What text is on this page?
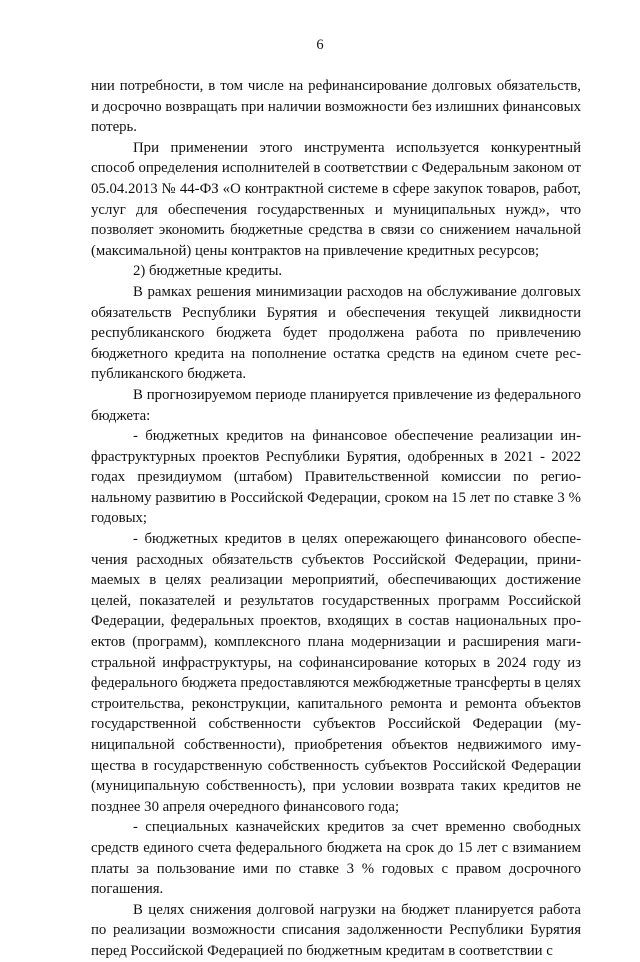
6

нии потребности, в том числе на рефинансирование долговых обязательств, и досрочно возвращать при наличии возможности без излишних финансовых потерь.

При применении этого инструмента используется конкурентный способ определения исполнителей в соответствии с Федеральным законом от 05.04.2013 № 44-ФЗ «О контрактной системе в сфере закупок товаров, работ, услуг для обеспечения государственных и муниципальных нужд», что позволяет экономить бюджетные средства в связи со снижением начальной (максимальной) цены контрактов на привлечение кредитных ресурсов;

2) бюджетные кредиты.

В рамках решения минимизации расходов на обслуживание долговых обязательств Республики Бурятия и обеспечения текущей ликвидности республиканского бюджета будет продолжена работа по привлечению бюджетного кредита на пополнение остатка средств на едином счете республиканского бюджета.

В прогнозируемом периоде планируется привлечение из федерального бюджета:

- бюджетных кредитов на финансовое обеспечение реализации инфраструктурных проектов Республики Бурятия, одобренных в 2021 - 2022 годах президиумом (штабом) Правительственной комиссии по региональному развитию в Российской Федерации, сроком на 15 лет по ставке 3 % годовых;

- бюджетных кредитов в целях опережающего финансового обеспечения расходных обязательств субъектов Российской Федерации, принимаемых в целях реализации мероприятий, обеспечивающих достижение целей, показателей и результатов государственных программ Российской Федерации, федеральных проектов, входящих в состав национальных проектов (программ), комплексного плана модернизации и расширения магистральной инфраструктуры, на софинансирование которых в 2024 году из федерального бюджета предоставляются межбюджетные трансферты в целях строительства, реконструкции, капитального ремонта и ремонта объектов государственной собственности субъектов Российской Федерации (муниципальной собственности), приобретения объектов недвижимого имущества в государственную собственность субъектов Российской Федерации (муниципальную собственность), при условии возврата таких кредитов не позднее 30 апреля очередного финансового года;

- специальных казначейских кредитов за счет временно свободных средств единого счета федерального бюджета на срок до 15 лет с взиманием платы за пользование ими по ставке 3 % годовых с правом досрочного погашения.

В целях снижения долговой нагрузки на бюджет планируется работа по реализации возможности списания задолженности Республики Бурятия перед Российской Федерацией по бюджетным кредитам в соответствии с
